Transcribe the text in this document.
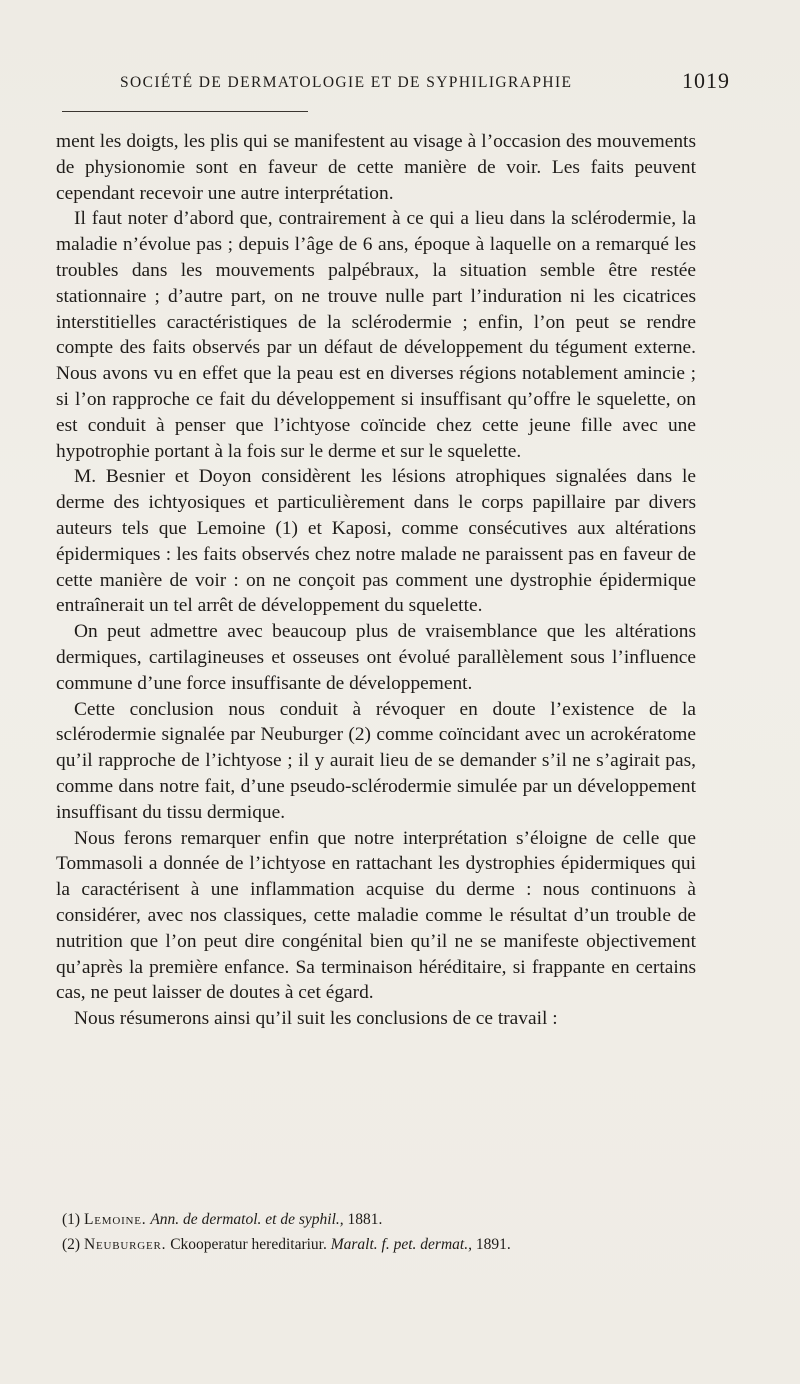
SOCIÉTÉ DE DERMATOLOGIE ET DE SYPHILIGRAPHIE	1019

ment les doigts, les plis qui se manifestent au visage à l’occasion des mouvements de physionomie sont en faveur de cette manière de voir. Les faits peuvent cependant recevoir une autre interprétation.

Il faut noter d’abord que, contrairement à ce qui a lieu dans la sclérodermie, la maladie n’évolue pas ; depuis l’âge de 6 ans, époque à laquelle on a remarqué les troubles dans les mouvements palpébraux, la situation semble être restée stationnaire ; d’autre part, on ne trouve nulle part l’induration ni les cicatrices interstitielles caractéristiques de la sclérodermie ; enfin, l’on peut se rendre compte des faits observés par un défaut de développement du tégument externe. Nous avons vu en effet que la peau est en diverses régions notablement amincie ; si l’on rapproche ce fait du développement si insuffisant qu’offre le squelette, on est conduit à penser que l’ichtyose coïncide chez cette jeune fille avec une hypotrophie portant à la fois sur le derme et sur le squelette.

M. Besnier et Doyon considèrent les lésions atrophiques signalées dans le derme des ichtyosiques et particulièrement dans le corps papillaire par divers auteurs tels que Lemoine (1) et Kaposi, comme consécutives aux altérations épidermiques : les faits observés chez notre malade ne paraissent pas en faveur de cette manière de voir : on ne conçoit pas comment une dystrophie épidermique entraînerait un tel arrêt de développement du squelette.

On peut admettre avec beaucoup plus de vraisemblance que les altérations dermiques, cartilagineuses et osseuses ont évolué parallèlement sous l’influence commune d’une force insuffisante de développement.

Cette conclusion nous conduit à révoquer en doute l’existence de la sclérodermie signalée par Neuburger (2) comme coïncidant avec un acrokératome qu’il rapproche de l’ichtyose ; il y aurait lieu de se demander s’il ne s’agirait pas, comme dans notre fait, d’une pseudo-sclérodermie simulée par un développement insuffisant du tissu dermique.

Nous ferons remarquer enfin que notre interprétation s’éloigne de celle que Tommasoli a donnée de l’ichtyose en rattachant les dystrophies épidermiques qui la caractérisent à une inflammation acquise du derme : nous continuons à considérer, avec nos classiques, cette maladie comme le résultat d’un trouble de nutrition que l’on peut dire congénital bien qu’il ne se manifeste objectivement qu’après la première enfance. Sa terminaison héréditaire, si frappante en certains cas, ne peut laisser de doutes à cet égard.

Nous résumerons ainsi qu’il suit les conclusions de ce travail :

(1) Lemoine. Ann. de dermatol. et de syphil., 1881.
(2) Neuburger. Ckooperatur hereditariur. Maralt. f. pet. dermat., 1891.
